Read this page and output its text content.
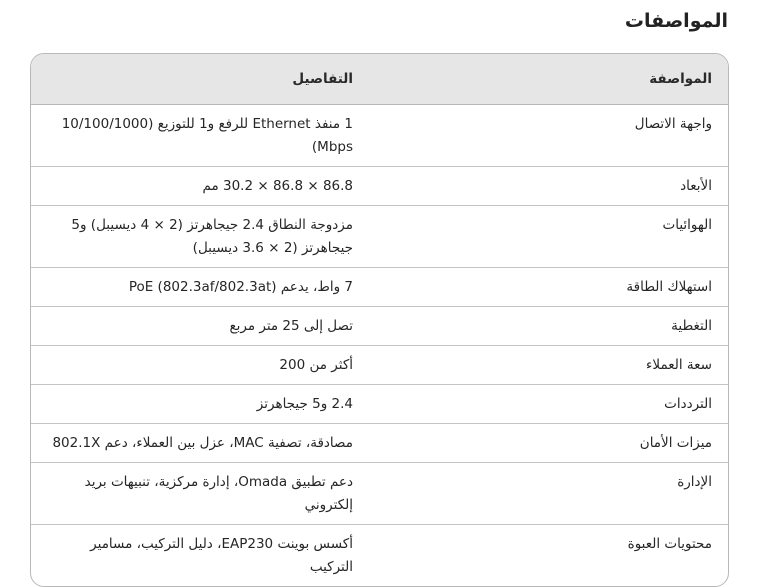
المواصفات
المواصفة	التفاصيل
واجهة الاتصال	1 منفذ Ethernet للرفع و1 للتوزيع (10/100/1000 Mbps)
الأبعاد	86.8 × 86.8 × 30.2 مم
الهوائيات	مزدوجة النطاق 2.4 جيجاهرتز (2 × 4 ديسيبل) و5 جيجاهرتز (2 × 3.6 ديسيبل)
استهلاك الطاقة	7 واط، يدعم (PoE (802.3af/802.3at
التغطية	تصل إلى 25 متر مربع
سعة العملاء	أكثر من 200
الترددات	2.4 و5 جيجاهرتز
ميزات الأمان	مصادقة، تصفية MAC، عزل بين العملاء، دعم 802.1X
الإدارة	دعم تطبيق Omada، إدارة مركزية، تنبيهات بريد إلكتروني
محتويات العبوة	أكسس بوينت EAP230، دليل التركيب، مسامير التركيب
